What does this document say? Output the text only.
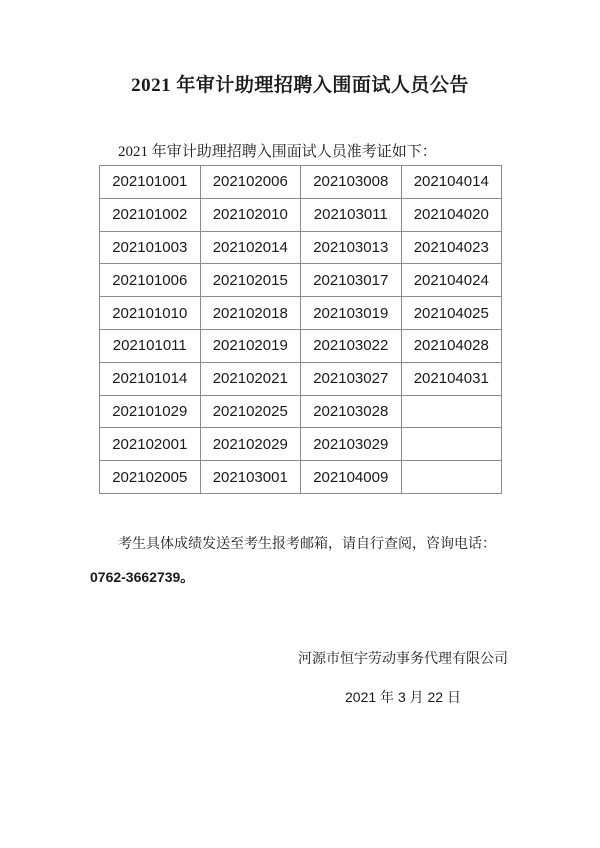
2021 年审计助理招聘入围面试人员公告

2021 年审计助理招聘入围面试人员准考证如下：

202101001	202102006	202103008	202104014
202101002	202102010	202103011	202104020
202101003	202102014	202103013	202104023
202101006	202102015	202103017	202104024
202101010	202102018	202103019	202104025
202101011	202102019	202103022	202104028
202101014	202102021	202103027	202104031
202101029	202102025	202103028	
202102001	202102029	202103029	
202102005	202103001	202104009	

考生具体成绩发送至考生报考邮箱，请自行查阅，咨询电话：
0762-3662739。

河源市恒宇劳动事务代理有限公司
2021 年 3 月 22 日
